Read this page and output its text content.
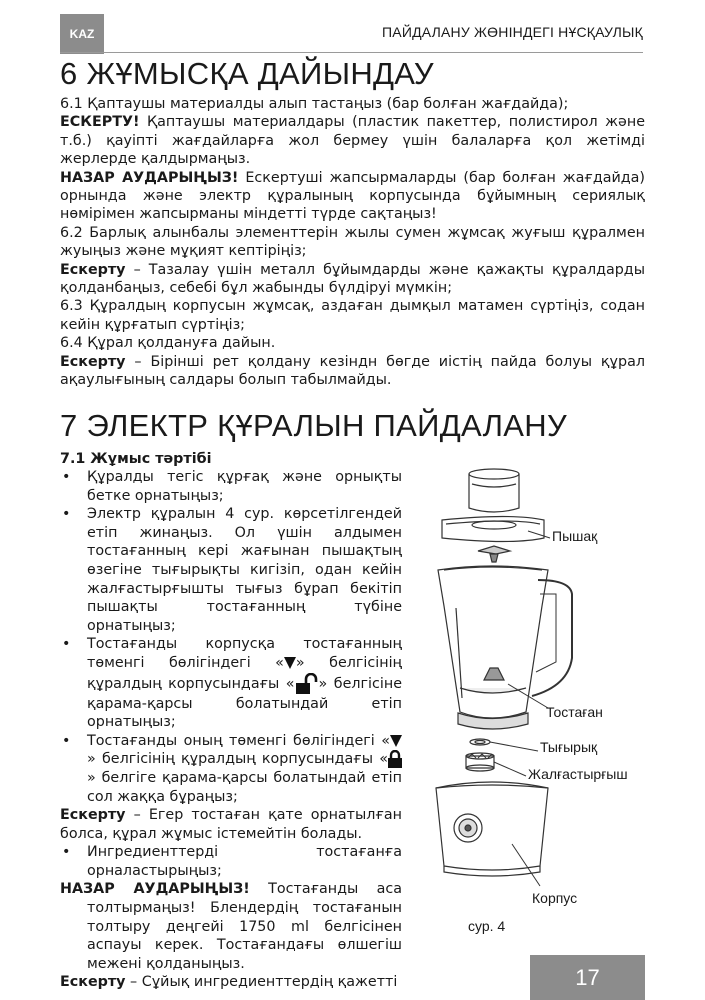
KAZ	ПАЙДАЛАНУ ЖӨНІНДЕГІ НҰСҚАУЛЫҚ
6 ЖҰМЫСҚА ДАЙЫНДАУ

6.1 Қаптаушы материалды алып тастаңыз (бар болған жағдайда);

ЕСКЕРТУ! Қаптаушы материалдары (пластик пакеттер, полистирол және т.б.) қауіпті жағдайларға жол бермеу үшін балаларға қол жетімді жерлерде қалдырмаңыз.

НАЗАР АУДАРЫҢЫЗ! Ескертуші жапсырмаларды (бар болған жағдайда) орнында және электр құралының корпусында бұйымның сериялық нөмірімен жапсырманы міндетті түрде сақтаңыз!

6.2 Барлық алынбалы элементтерін жылы сумен жұмсақ жуғыш құралмен жуыңыз және мұқият кептіріңіз;

Ескерту – Тазалау үшін металл бұйымдарды және қажақты құралдарды қолданбаңыз, себебі бұл жабынды бүлдіруі мүмкін;

6.3 Құралдың корпусын жұмсақ, аздаған дымқыл матамен сүртіңіз, содан кейін құрғатып сүртіңіз;

6.4 Құрал қолдануға дайын.

Ескерту – Бірінші рет қолдану кезіндн бөгде иістің пайда болуы құрал ақаулығының салдары болып табылмайды.

7 ЭЛЕКТР ҚҰРАЛЫН ПАЙДАЛАНУ
7.1 Жұмыс тәртібі

• Құралды тегіс құрғақ және орнықты бетке орнатыңыз;

• Электр құралын 4 сур. көрсетілгендей етіп жинаңыз. Ол үшін алдымен тостағанның кері жағынан пышақтың өзегіне тығырықты кигізіп, одан кейін жалғастырғышты тығыз бұрап бекітіп пышақты тостағанның түбіне орнатыңыз;

• Тостағанды корпусқа тостағанның төменгі бөлігіндегі « » белгісінің құралдың корпусындағы « » белгісіне қарама-қарсы болатындай етіп орнатыңыз;

• Тостағанды оның төменгі бөлігіндегі «» белгісінің құралдың корпусындағы «» белгіге қарама-қарсы болатындай етіп сол жаққа бұраңыз;

Ескерту – Егер тостаған қате орнатылған болса, құрал жұмыс істемейтін болады.

• Ингредиенттерді тостағанға орналастырыңыз;

НАЗАР АУДАРЫҢЫЗ! Тостағанды аса толтырмаңыз! Блендердің тостағанын толтыру деңгейі 1750 ml белгісінен аспауы керек. Тостағандағы өлшегіш межені қолданыңыз.

Ескерту – Сұйық ингредиенттердің қажетті

Пышақ
Тостаған
Тығырық
Жалғастырғыш
Корпус
сур. 4
17
